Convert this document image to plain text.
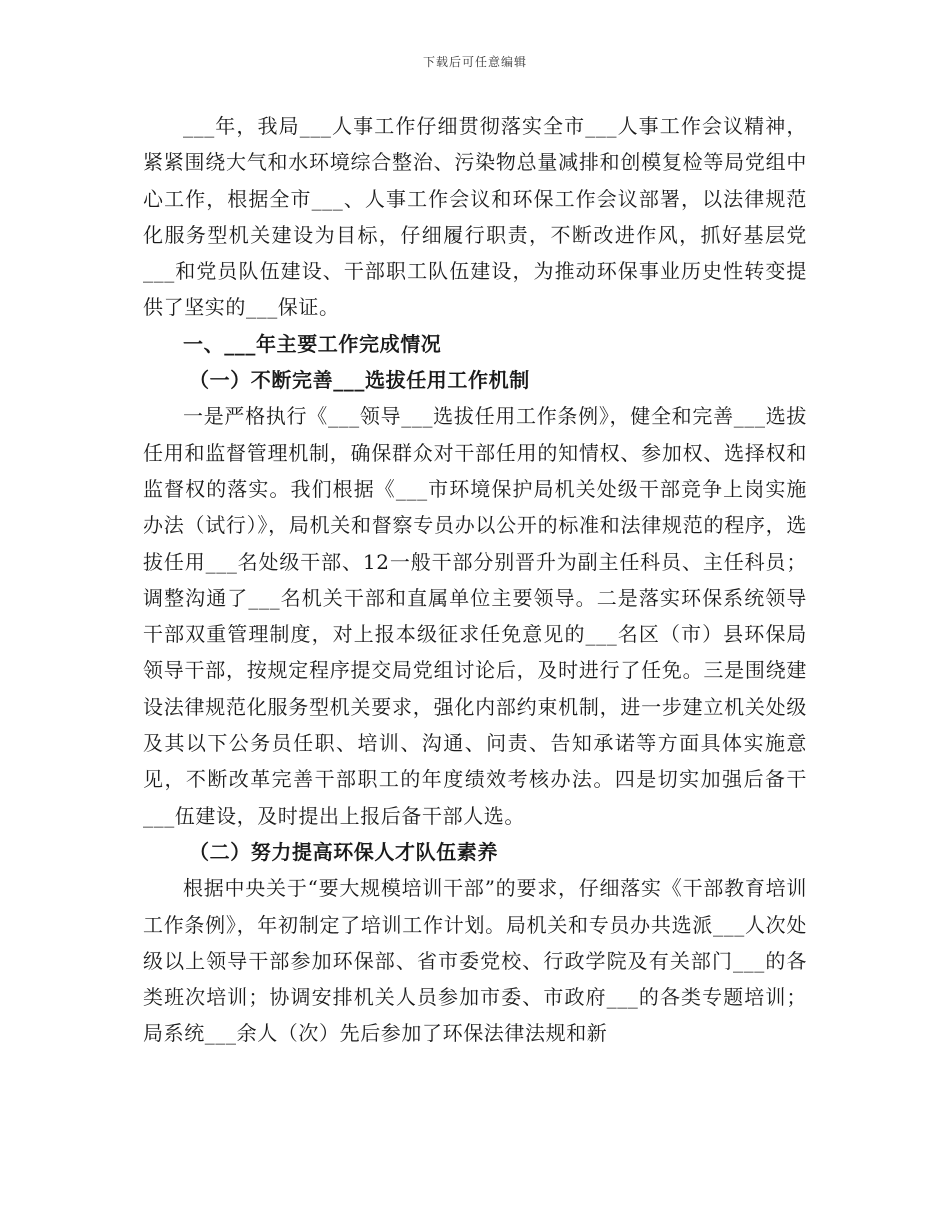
下载后可任意编辑

___年，我局___人事工作仔细贯彻落实全市___人事工作会议精神，紧紧围绕大气和水环境综合整治、污染物总量减排和创模复检等局党组中心工作，根据全市___、人事工作会议和环保工作会议部署，以法律规范化服务型机关建设为目标，仔细履行职责，不断改进作风，抓好基层党___和党员队伍建设、干部职工队伍建设，为推动环保事业历史性转变提供了坚实的___保证。

一、___年主要工作完成情况

（一）不断完善___选拔任用工作机制

一是严格执行《___领导___选拔任用工作条例》，健全和完善___选拔任用和监督管理机制，确保群众对干部任用的知情权、参加权、选择权和监督权的落实。我们根据《___市环境保护局机关处级干部竞争上岗实施办法（试行）》，局机关和督察专员办以公开的标准和法律规范的程序，选拔任用___名处级干部、12一般干部分别晋升为副主任科员、主任科员；调整沟通了___名机关干部和直属单位主要领导。二是落实环保系统领导干部双重管理制度，对上报本级征求任免意见的___名区（市）县环保局领导干部，按规定程序提交局党组讨论后，及时进行了任免。三是围绕建设法律规范化服务型机关要求，强化内部约束机制，进一步建立机关处级及其以下公务员任职、培训、沟通、问责、告知承诺等方面具体实施意见，不断改革完善干部职工的年度绩效考核办法。四是切实加强后备干___伍建设，及时提出上报后备干部人选。

（二）努力提高环保人才队伍素养

根据中央关于“要大规模培训干部”的要求，仔细落实《干部教育培训工作条例》，年初制定了培训工作计划。局机关和专员办共选派___人次处级以上领导干部参加环保部、省市委党校、行政学院及有关部门___的各类班次培训；协调安排机关人员参加市委、市政府___的各类专题培训；局系统___余人（次）先后参加了环保法律法规和新
